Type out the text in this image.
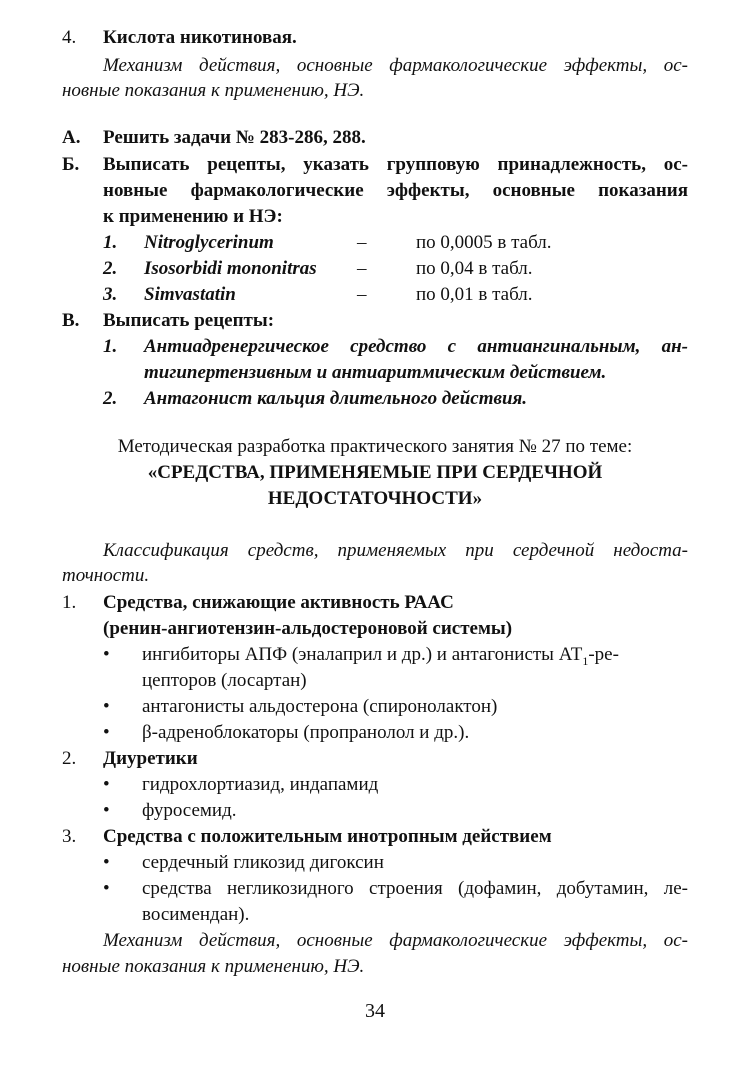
4. Кислота никотиновая.
Механизм действия, основные фармакологические эффекты, ос-
новные показания к применению, НЭ.
А. Решить задачи № 283-286, 288.
Б. Выписать рецепты, указать групповую принадлежность, ос-
новные фармакологические эффекты, основные показания
к применению и НЭ:
1. Nitroglycerinum	–	по 0,0005 в табл.
2. Isosorbidi mononitras –	по 0,04 в табл.
3. Simvastatin	–	по 0,01 в табл.
В. Выписать рецепты:
1. Антиадренергическое средство с антиангинальным, ан-
тигипертензивным и антиаритмическим действием.
2. Антагонист кальция длительного действия.
Методическая разработка практического занятия № 27 по теме:
«СРЕДСТВА, ПРИМЕНЯЕМЫЕ ПРИ СЕРДЕЧНОЙ
НЕДОСТАТОЧНОСТИ»
Классификация средств, применяемых при сердечной недоста-
точности.
1. Средства, снижающие активность РААС
(ренин-ангиотензин-альдостероновой системы)
• ингибиторы АПФ (эналаприл и др.) и антагонисты $АТ_1-ре-$
цепторов (лосартан)
• антагонисты альдостерона (спиронолактон)
• β-адреноблокаторы (пропранолол и др.).
2. Диуретики
• гидрохлортиазид, индапамид
• фуросемид.
3. Средства с положительным инотропным действием
• сердечный гликозид дигоксин
• средства негликозидного строения (дофамин, добутамин, ле-
восимендан).
Механизм действия, основные фармакологические эффекты, ос-
новные показания к применению, НЭ.
34
